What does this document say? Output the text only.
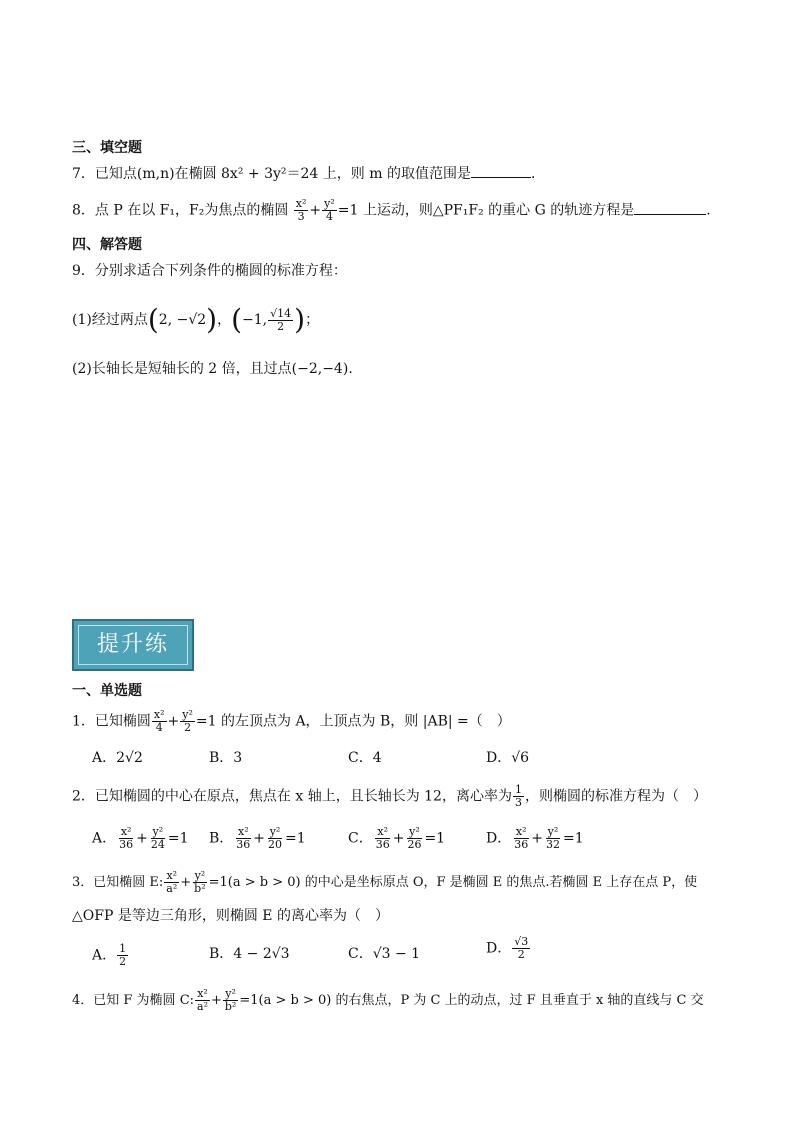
三、填空题
7．已知点(m,n)在椭圆 8x² + 3y²＝24 上，则 m 的取值范围是	．
8．点 P 在以 F₁，F₂为焦点的椭圆 $\frac{\text{x²}}{3} + \frac{\text{y²}}{4} =1$ 上运动，则△PF₁F₂ 的重心 G 的轨迹方程是	.
四、解答题
9．分别求适合下列条件的椭圆的标准方程：
(1)经过两点(2, −√2)，(−1, $\frac{√14}{2}$ )；
(2)长轴长是短轴长的 2 倍，且过点(−2,−4).
提升练
一、单选题
1．已知椭圆 $\frac{\text{x²}}{4} + \frac{\text{y²}}{2} =1$ 的左顶点为 A，上顶点为 B，则 |AB| =（　）
A．2√2	B．3	C．4	D．√6
2．已知椭圆的中心在原点，焦点在 x 轴上，且长轴长为 12，离心率为 $\frac{1}{3}$ ，则椭圆的标准方程为（　）
A． $\frac{\text{x²}}{36} + \frac{\text{y²}}{24} =1$ B． $\frac{\text{x²}}{36} + \frac{\text{y²}}{20} =1$	C． $\frac{\text{x²}}{36} + \frac{\text{y²}}{26} =1$	D． $\frac{\text{x²}}{36} + \frac{\text{y²}}{32} =1$
3．已知椭圆 E: $\frac{\text{x²}}{\text{a²}} + \frac{\text{y²}}{\text{b²}} =1(a > b > 0)$ 的中心是坐标原点 O，F 是椭圆 E 的焦点.若椭圆 E 上存在点 P，使
△OFP 是等边三角形，则椭圆 E 的离心率为（　）
A． $\frac{1}{2}$	B．4 − 2√3	C．√3 − 1	D． $\frac{√3}{2}$
4．已知 F 为椭圆 C: $\frac{\text{x²}}{\text{a²}} + \frac{\text{y²}}{\text{b²}} =1(a > b > 0)$ 的右焦点，P 为 C 上的动点，过 F 且垂直于 x 轴的直线与 C 交
